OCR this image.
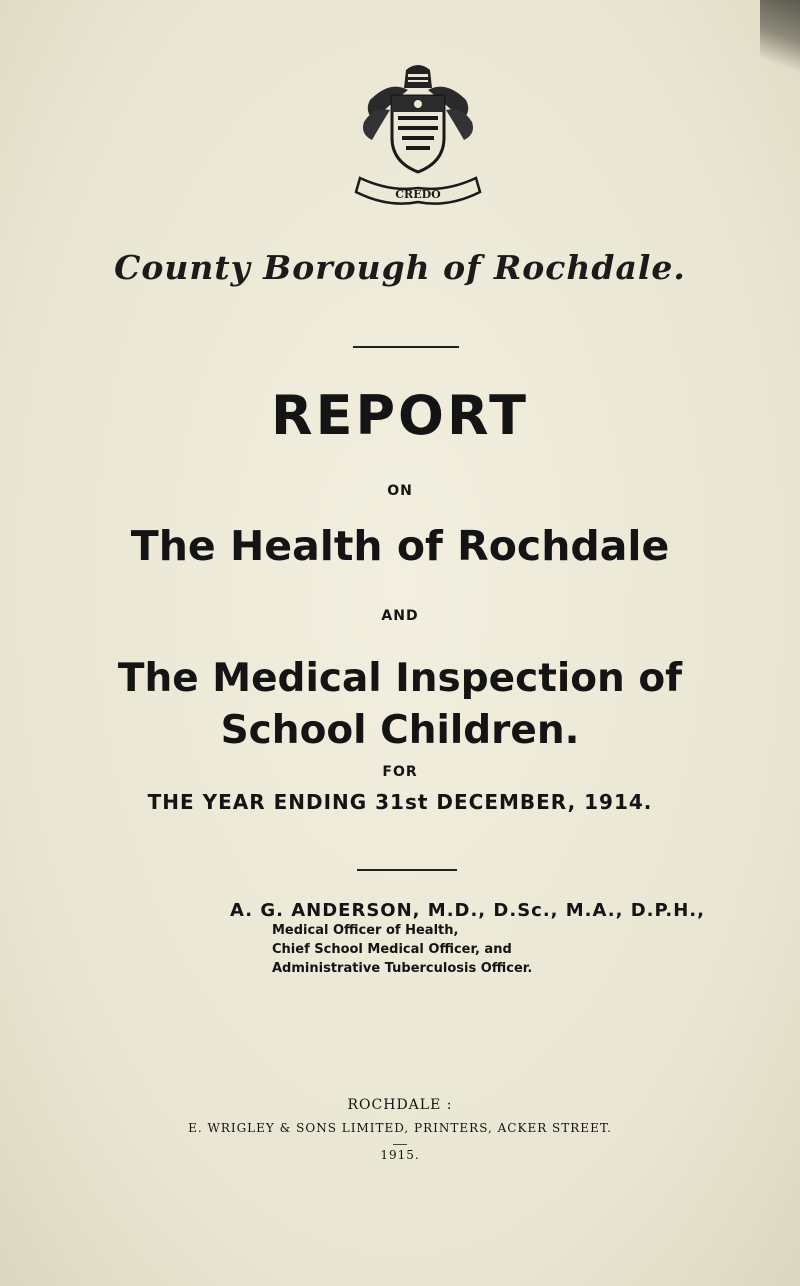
CREDO
County Borough of Rochdale.
REPORT
ON
The Health of Rochdale
AND
The Medical Inspection of
School Children.
FOR
THE YEAR ENDING 31st DECEMBER, 1914.
A. G. ANDERSON, M.D., D.Sc., M.A., D.P.H.,
Medical Officer of Health,
Chief School Medical Officer, and
Administrative Tuberculosis Officer.
ROCHDALE :
E. WRIGLEY & SONS LIMITED, PRINTERS, ACKER STREET.
1915.
